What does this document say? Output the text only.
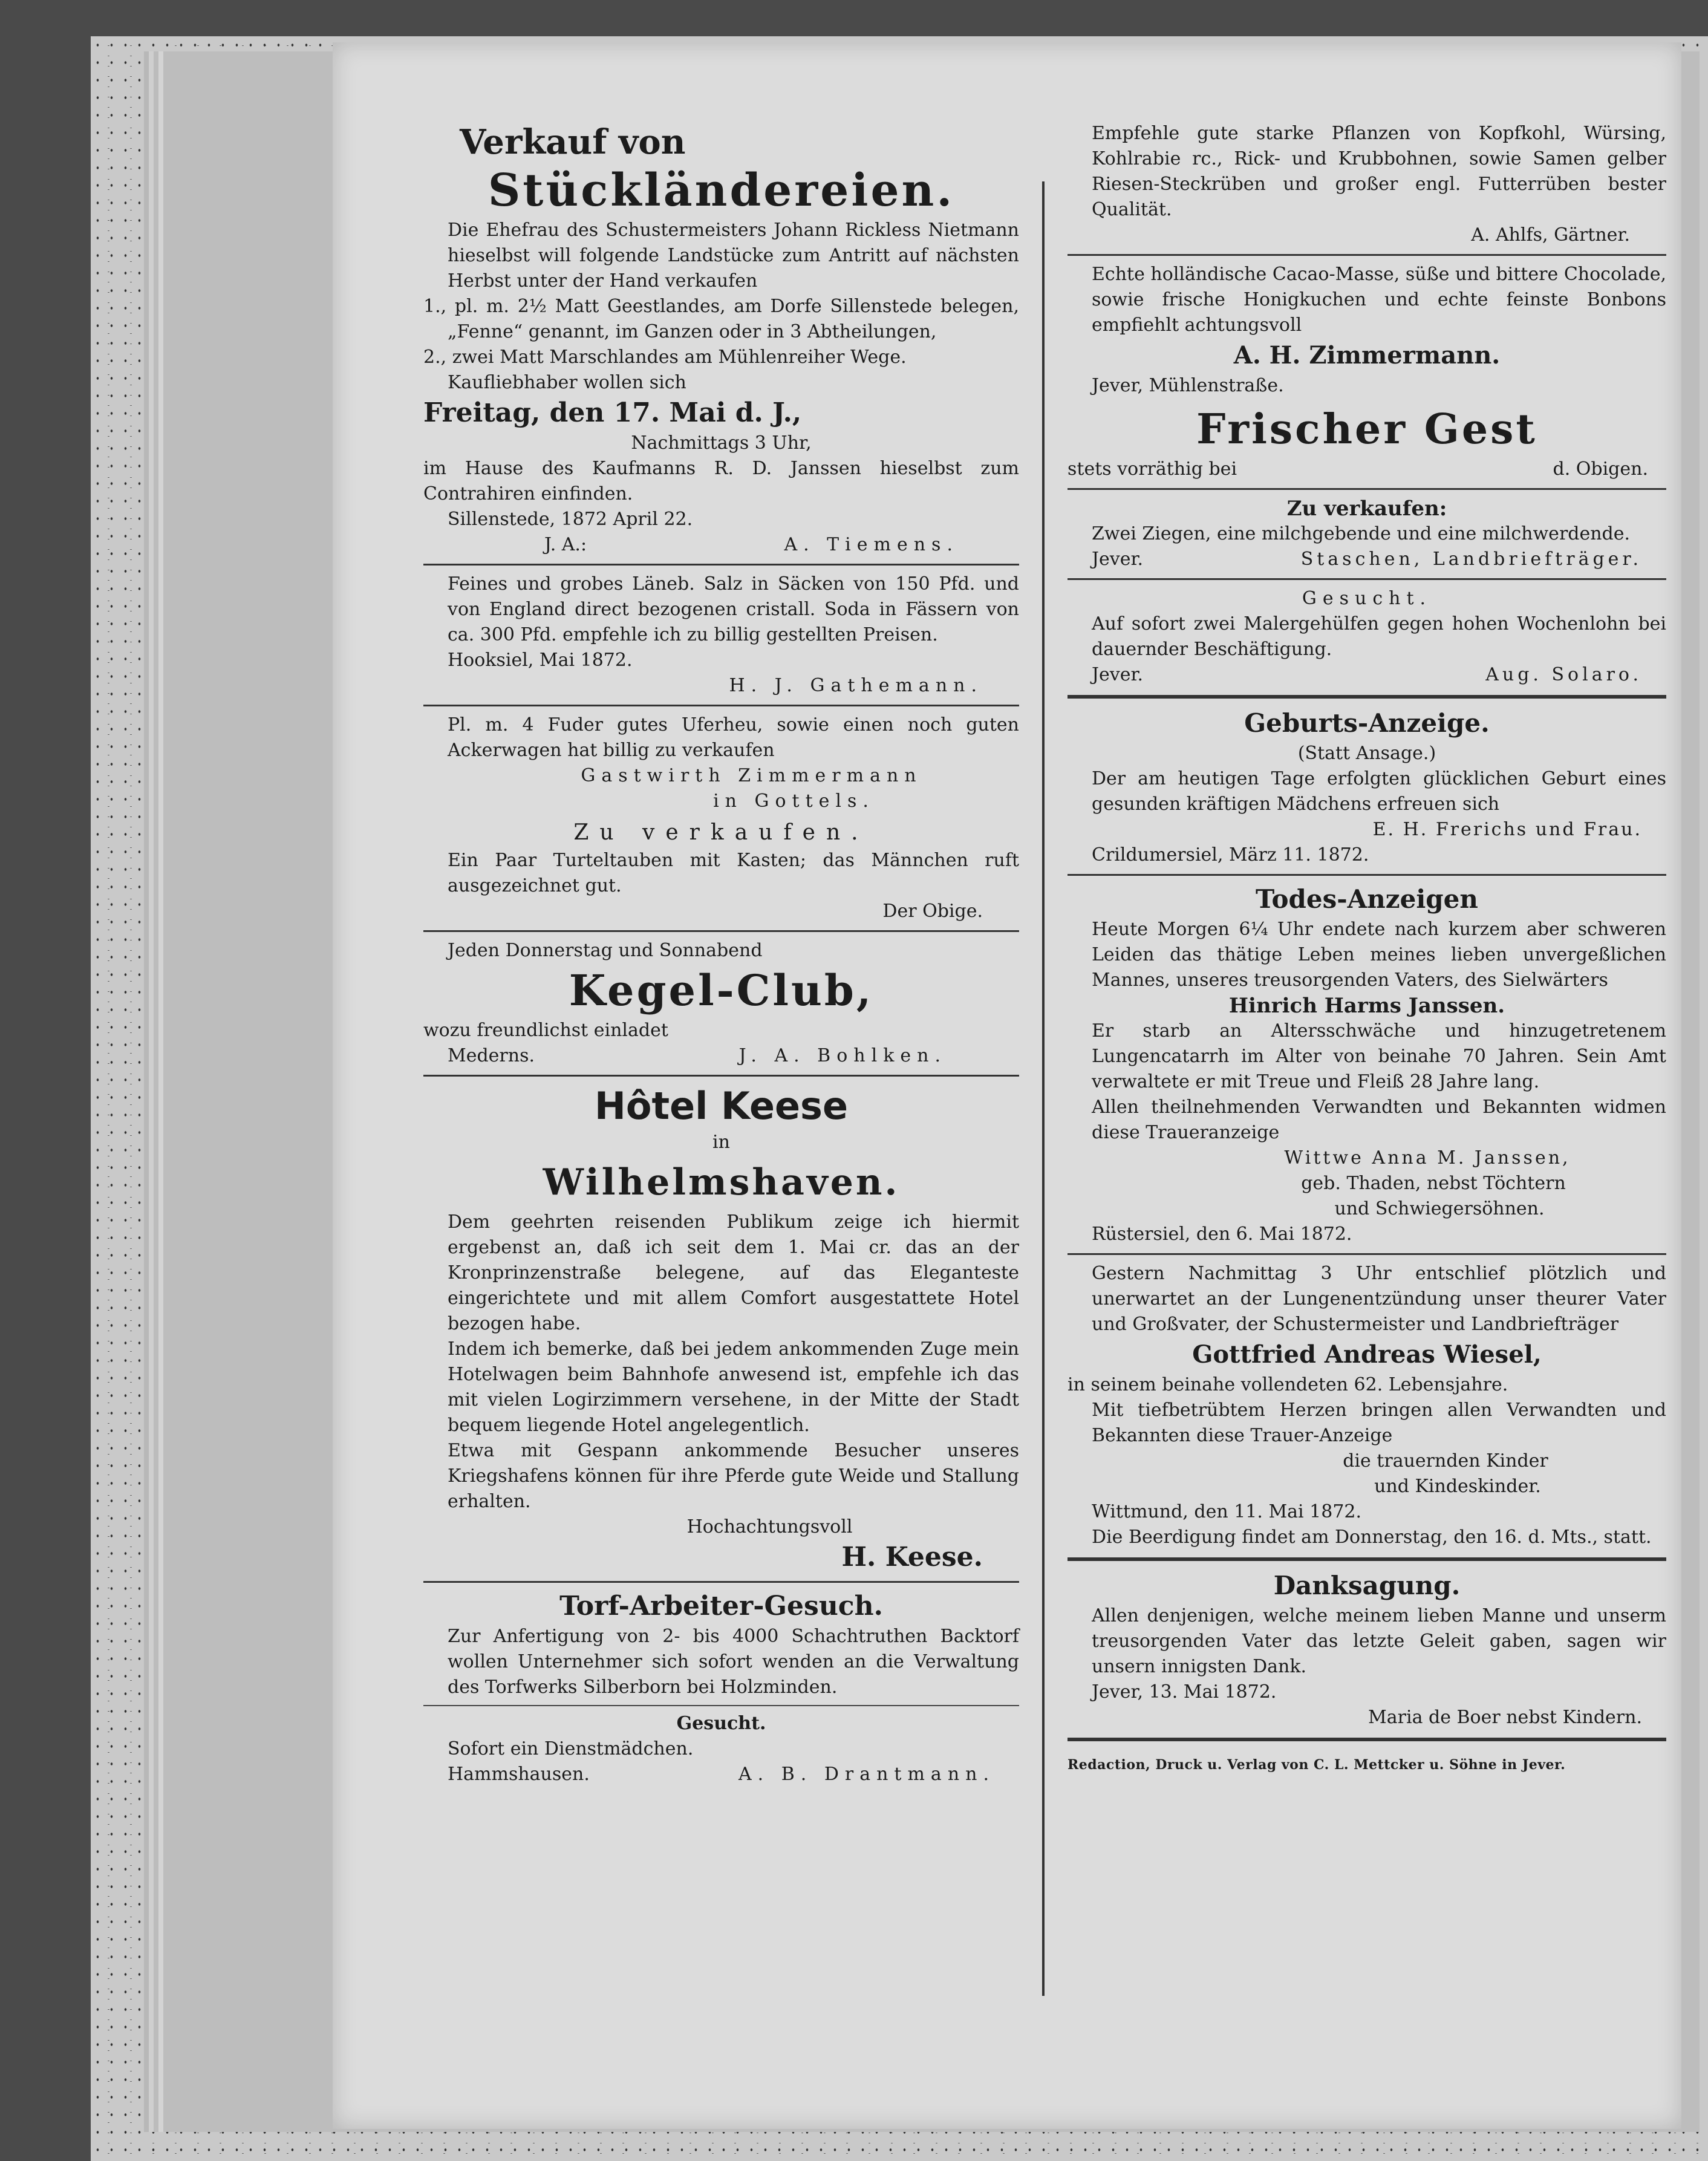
Verkauf von

Stückländereien.

Die Ehefrau des Schustermeisters Johann Rickless Nietmann hieselbst will folgende Landstücke zum Antritt auf nächsten Herbst unter der Hand verkaufen

1., pl. m. 2½ Matt Geestlandes, am Dorfe Sillenstede belegen, „Fenne“ genannt, im Ganzen oder in 3 Abtheilungen,

2., zwei Matt Marschlandes am Mühlenreiher Wege.

Kaufliebhaber wollen sich

Freitag, den 17. Mai d. J.,

Nachmittags 3 Uhr,

im Hause des Kaufmanns R. D. Janssen hieselbst zum Contrahiren einfinden.

Sillenstede, 1872 April 22.

J. A.:	A. Tiemens.

Feines und grobes Läneb. Salz in Säcken von 150 Pfd. und von England direct bezogenen cristall. Soda in Fässern von ca. 300 Pfd. empfehle ich zu billig gestellten Preisen.

Hooksiel, Mai 1872.

H. J. Gathemann.

Pl. m. 4 Fuder gutes Uferheu, sowie einen noch guten Ackerwagen hat billig zu verkaufen

Gastwirth Zimmermann

in Gottels.

Zu verkaufen.

Ein Paar Turteltauben mit Kasten; das Männchen ruft ausgezeichnet gut.

Der Obige.

Jeden Donnerstag und Sonnabend

Kegel-Club,

wozu freundlichst einladet

Mederns.	J. A. Bohlken.

Hôtel Keese

in

Wilhelmshaven.

Dem geehrten reisenden Publikum zeige ich hiermit ergebenst an, daß ich seit dem 1. Mai cr. das an der Kronprinzenstraße belegene, auf das Eleganteste eingerichtete und mit allem Comfort ausgestattete Hotel bezogen habe.

Indem ich bemerke, daß bei jedem ankommenden Zuge mein Hotelwagen beim Bahnhofe anwesend ist, empfehle ich das mit vielen Logirzimmern versehene, in der Mitte der Stadt bequem liegende Hotel angelegentlich.

Etwa mit Gespann ankommende Besucher unseres Kriegshafens können für ihre Pferde gute Weide und Stallung erhalten.

Hochachtungsvoll

H. Keese.

Torf-Arbeiter-Gesuch.

Zur Anfertigung von 2- bis 4000 Schachtruthen Backtorf wollen Unternehmer sich sofort wenden an die Verwaltung des Torfwerks Silberborn bei Holzminden.

Gesucht.

Sofort ein Dienstmädchen.

Hammshausen.	A. B. Drantmann.

Empfehle gute starke Pflanzen von Kopfkohl, Würsing, Kohlrabie rc., Rick- und Krubbohnen, sowie Samen gelber Riesen-Steckrüben und großer engl. Futterrüben bester Qualität.

A. Ahlfs, Gärtner.

Echte holländische Cacao-Masse, süße und bittere Chocolade, sowie frische Honigkuchen und echte feinste Bonbons empfiehlt achtungsvoll

A. H. Zimmermann.

Jever, Mühlenstraße.

Frischer Gest

stets vorräthig bei	d. Obigen.

Zu verkaufen:

Zwei Ziegen, eine milchgebende und eine milchwerdende.

Jever.	Staschen, Landbriefträger.

Gesucht.

Auf sofort zwei Malergehülfen gegen hohen Wochenlohn bei dauernder Beschäftigung.

Jever.	Aug. Solaro.

Geburts-Anzeige.

(Statt Ansage.)

Der am heutigen Tage erfolgten glücklichen Geburt eines gesunden kräftigen Mädchens erfreuen sich

E. H. Frerichs und Frau.

Crildumersiel, März 11. 1872.

Todes-Anzeigen

Heute Morgen 6¼ Uhr endete nach kurzem aber schweren Leiden das thätige Leben meines lieben unvergeßlichen Mannes, unseres treusorgenden Vaters, des Sielwärters

Hinrich Harms Janssen.

Er starb an Altersschwäche und hinzugetretenem Lungencatarrh im Alter von beinahe 70 Jahren. Sein Amt verwaltete er mit Treue und Fleiß 28 Jahre lang.

Allen theilnehmenden Verwandten und Bekannten widmen diese Traueranzeige

Wittwe Anna M. Janssen,

geb. Thaden, nebst Töchtern

und Schwiegersöhnen.

Rüstersiel, den 6. Mai 1872.

Gestern Nachmittag 3 Uhr entschlief plötzlich und unerwartet an der Lungenentzündung unser theurer Vater und Großvater, der Schustermeister und Landbriefträger

Gottfried Andreas Wiesel,

in seinem beinahe vollendeten 62. Lebensjahre.

Mit tiefbetrübtem Herzen bringen allen Verwandten und Bekannten diese Trauer-Anzeige

die trauernden Kinder

und Kindeskinder.

Wittmund, den 11. Mai 1872.

Die Beerdigung findet am Donnerstag, den 16. d. Mts., statt.

Danksagung.

Allen denjenigen, welche meinem lieben Manne und unserm treusorgenden Vater das letzte Geleit gaben, sagen wir unsern innigsten Dank.

Jever, 13. Mai 1872.

Maria de Boer nebst Kindern.

Redaction, Druck u. Verlag von C. L. Mettcker u. Söhne in Jever.
